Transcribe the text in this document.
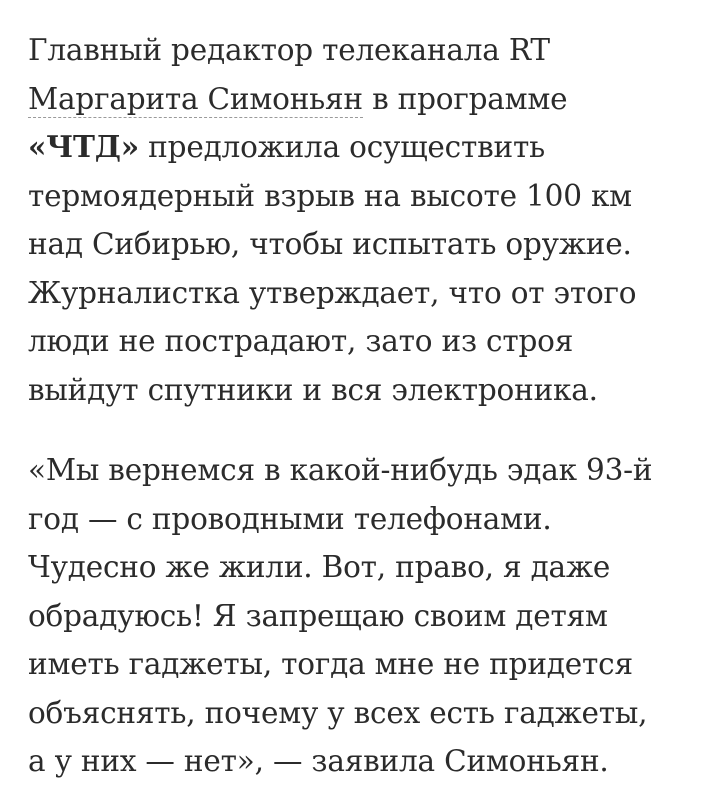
Главный редактор телеканала RT
Маргарита Симоньян в программе
«ЧТД» предложила осуществить
термоядерный взрыв на высоте 100 км
над Сибирью, чтобы испытать оружие.
Журналистка утверждает, что от этого
люди не пострадают, зато из строя
выйдут спутники и вся электроника.

«Мы вернемся в какой-нибудь эдак 93-й
год — с проводными телефонами.
Чудесно же жили. Вот, право, я даже
обрадуюсь! Я запрещаю своим детям
иметь гаджеты, тогда мне не придется
объяснять, почему у всех есть гаджеты,
а у них — нет», — заявила Симоньян.
